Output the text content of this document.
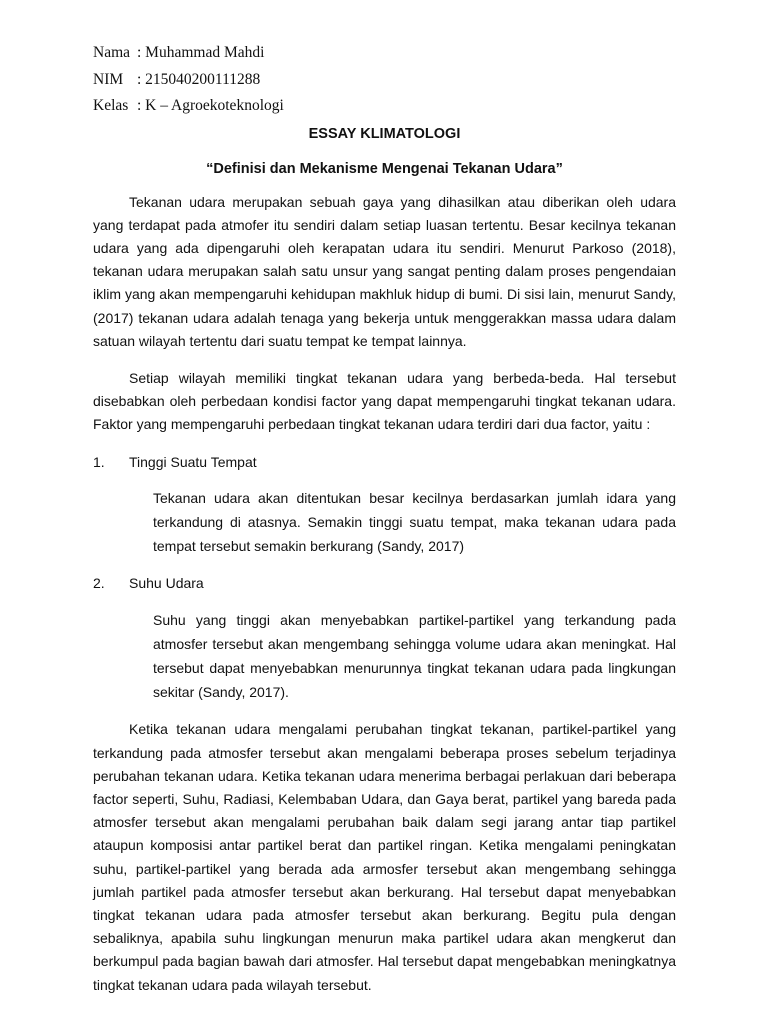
Nama : Muhammad Mahdi
NIM : 215040200111288
Kelas : K – Agroekoteknologi
ESSAY KLIMATOLOGI
“Definisi dan Mekanisme Mengenai Tekanan Udara”

Tekanan udara merupakan sebuah gaya yang dihasilkan atau diberikan oleh udara yang terdapat pada atmofer itu sendiri dalam setiap luasan tertentu. Besar kecilnya tekanan udara yang ada dipengaruhi oleh kerapatan udara itu sendiri. Menurut Parkoso (2018), tekanan udara merupakan salah satu unsur yang sangat penting dalam proses pengendaian iklim yang akan mempengaruhi kehidupan makhluk hidup di bumi. Di sisi lain, menurut Sandy,(2017) tekanan udara adalah tenaga yang bekerja untuk menggerakkan massa udara dalam satuan wilayah tertentu dari suatu tempat ke tempat lainnya.

Setiap wilayah memiliki tingkat tekanan udara yang berbeda-beda. Hal tersebut disebabkan oleh perbedaan kondisi factor yang dapat mempengaruhi tingkat tekanan udara. Faktor yang mempengaruhi perbedaan tingkat tekanan udara terdiri dari dua factor, yaitu :

1.	Tinggi Suatu Tempat
Tekanan udara akan ditentukan besar kecilnya berdasarkan jumlah idara yang terkandung di atasnya. Semakin tinggi suatu tempat, maka tekanan udara pada tempat tersebut semakin berkurang (Sandy, 2017)
2.	Suhu Udara
Suhu yang tinggi akan menyebabkan partikel-partikel yang terkandung pada atmosfer tersebut akan mengembang sehingga volume udara akan meningkat. Hal tersebut dapat menyebabkan menurunnya tingkat tekanan udara pada lingkungan sekitar (Sandy, 2017).

Ketika tekanan udara mengalami perubahan tingkat tekanan, partikel-partikel yang terkandung pada atmosfer tersebut akan mengalami beberapa proses sebelum terjadinya perubahan tekanan udara. Ketika tekanan udara menerima berbagai perlakuan dari beberapa factor seperti, Suhu, Radiasi, Kelembaban Udara, dan Gaya berat, partikel yang bareda pada atmosfer tersebut akan mengalami perubahan baik dalam segi jarang antar tiap partikel ataupun komposisi antar partikel berat dan partikel ringan. Ketika mengalami peningkatan suhu, partikel-partikel yang berada ada armosfer tersebut akan mengembang sehingga jumlah partikel pada atmosfer tersebut akan berkurang. Hal tersebut dapat menyebabkan tingkat tekanan udara pada atmosfer tersebut akan berkurang. Begitu pula dengan sebaliknya, apabila suhu lingkungan menurun maka partikel udara akan mengkerut dan berkumpul pada bagian bawah dari atmosfer. Hal tersebut dapat mengebabkan meningkatnya tingkat tekanan udara pada wilayah tersebut.
